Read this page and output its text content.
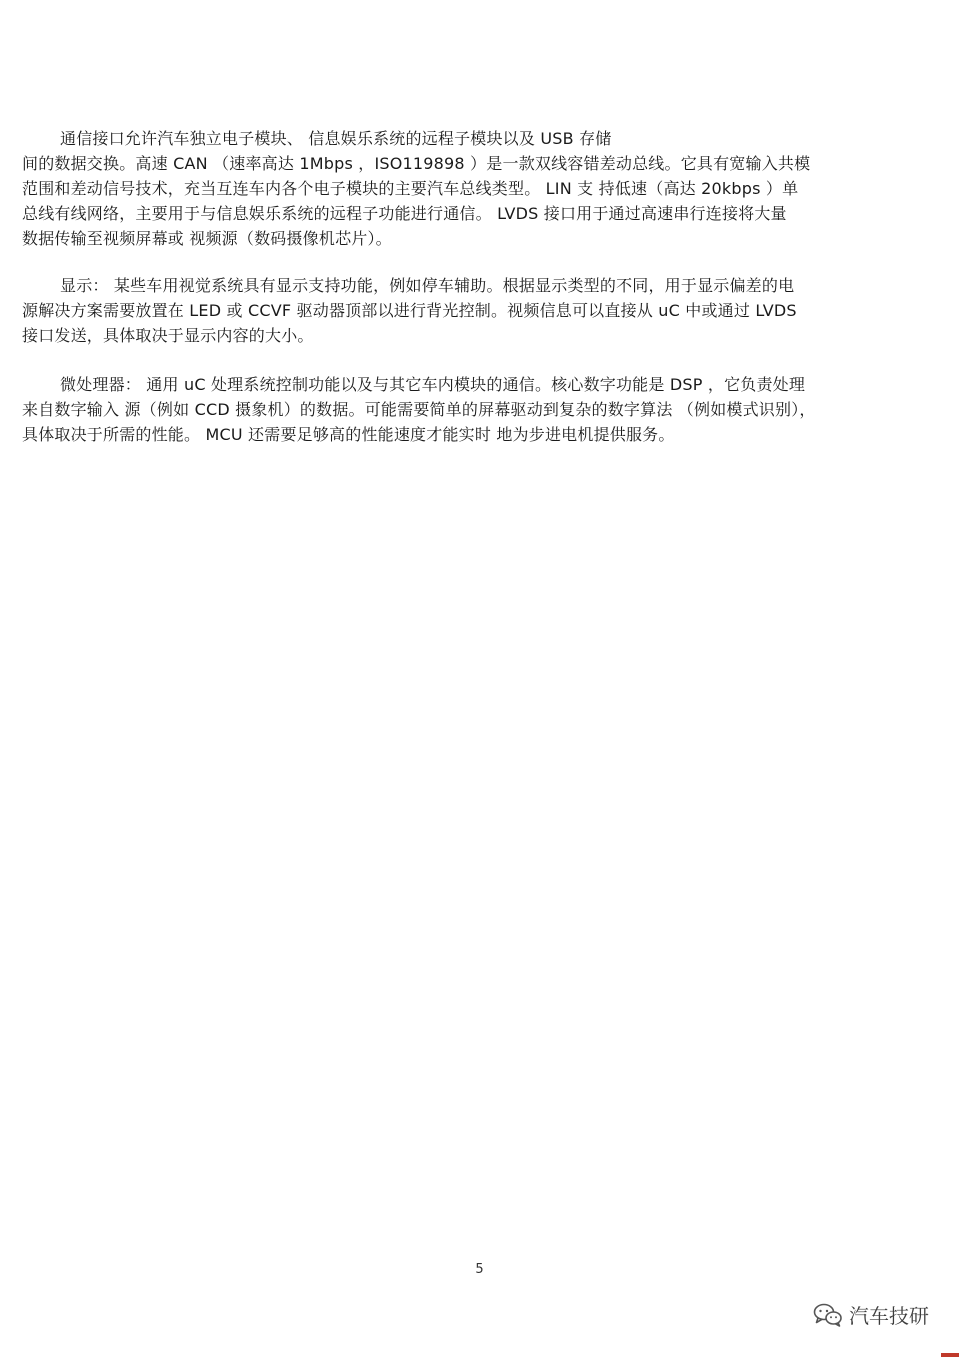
通信接口允许汽车独立电子模块、 信息娱乐系统的远程子模块以及 USB 存储
间的数据交换。高速 CAN （速率高达 1Mbps ，ISO119898 ）是一款双线容错差动总线。它具有宽输入共模
范围和差动信号技术，充当互连车内各个电子模块的主要汽车总线类型。 LIN 支 持低速（高达 20kbps ）单
总线有线网络，主要用于与信息娱乐系统的远程子功能进行通信。 LVDS 接口用于通过高速串行连接将大量
数据传输至视频屏幕或 视频源（数码摄像机芯片）。
显示： 某些车用视觉系统具有显示支持功能，例如停车辅助。根据显示类型的不同，用于显示偏差的电
源解决方案需要放置在 LED 或 CCVF 驱动器顶部以进行背光控制。视频信息可以直接从 uC 中或通过 LVDS
接口发送，具体取决于显示内容的大小。
微处理器： 通用 uC 处理系统控制功能以及与其它车内模块的通信。核心数字功能是 DSP ，它负责处理
来自数字输入 源（例如 CCD 摄象机）的数据。可能需要简单的屏幕驱动到复杂的数字算法 （例如模式识别），
具体取决于所需的性能。 MCU 还需要足够高的性能速度才能实时 地为步进电机提供服务。
5
汽车技研
